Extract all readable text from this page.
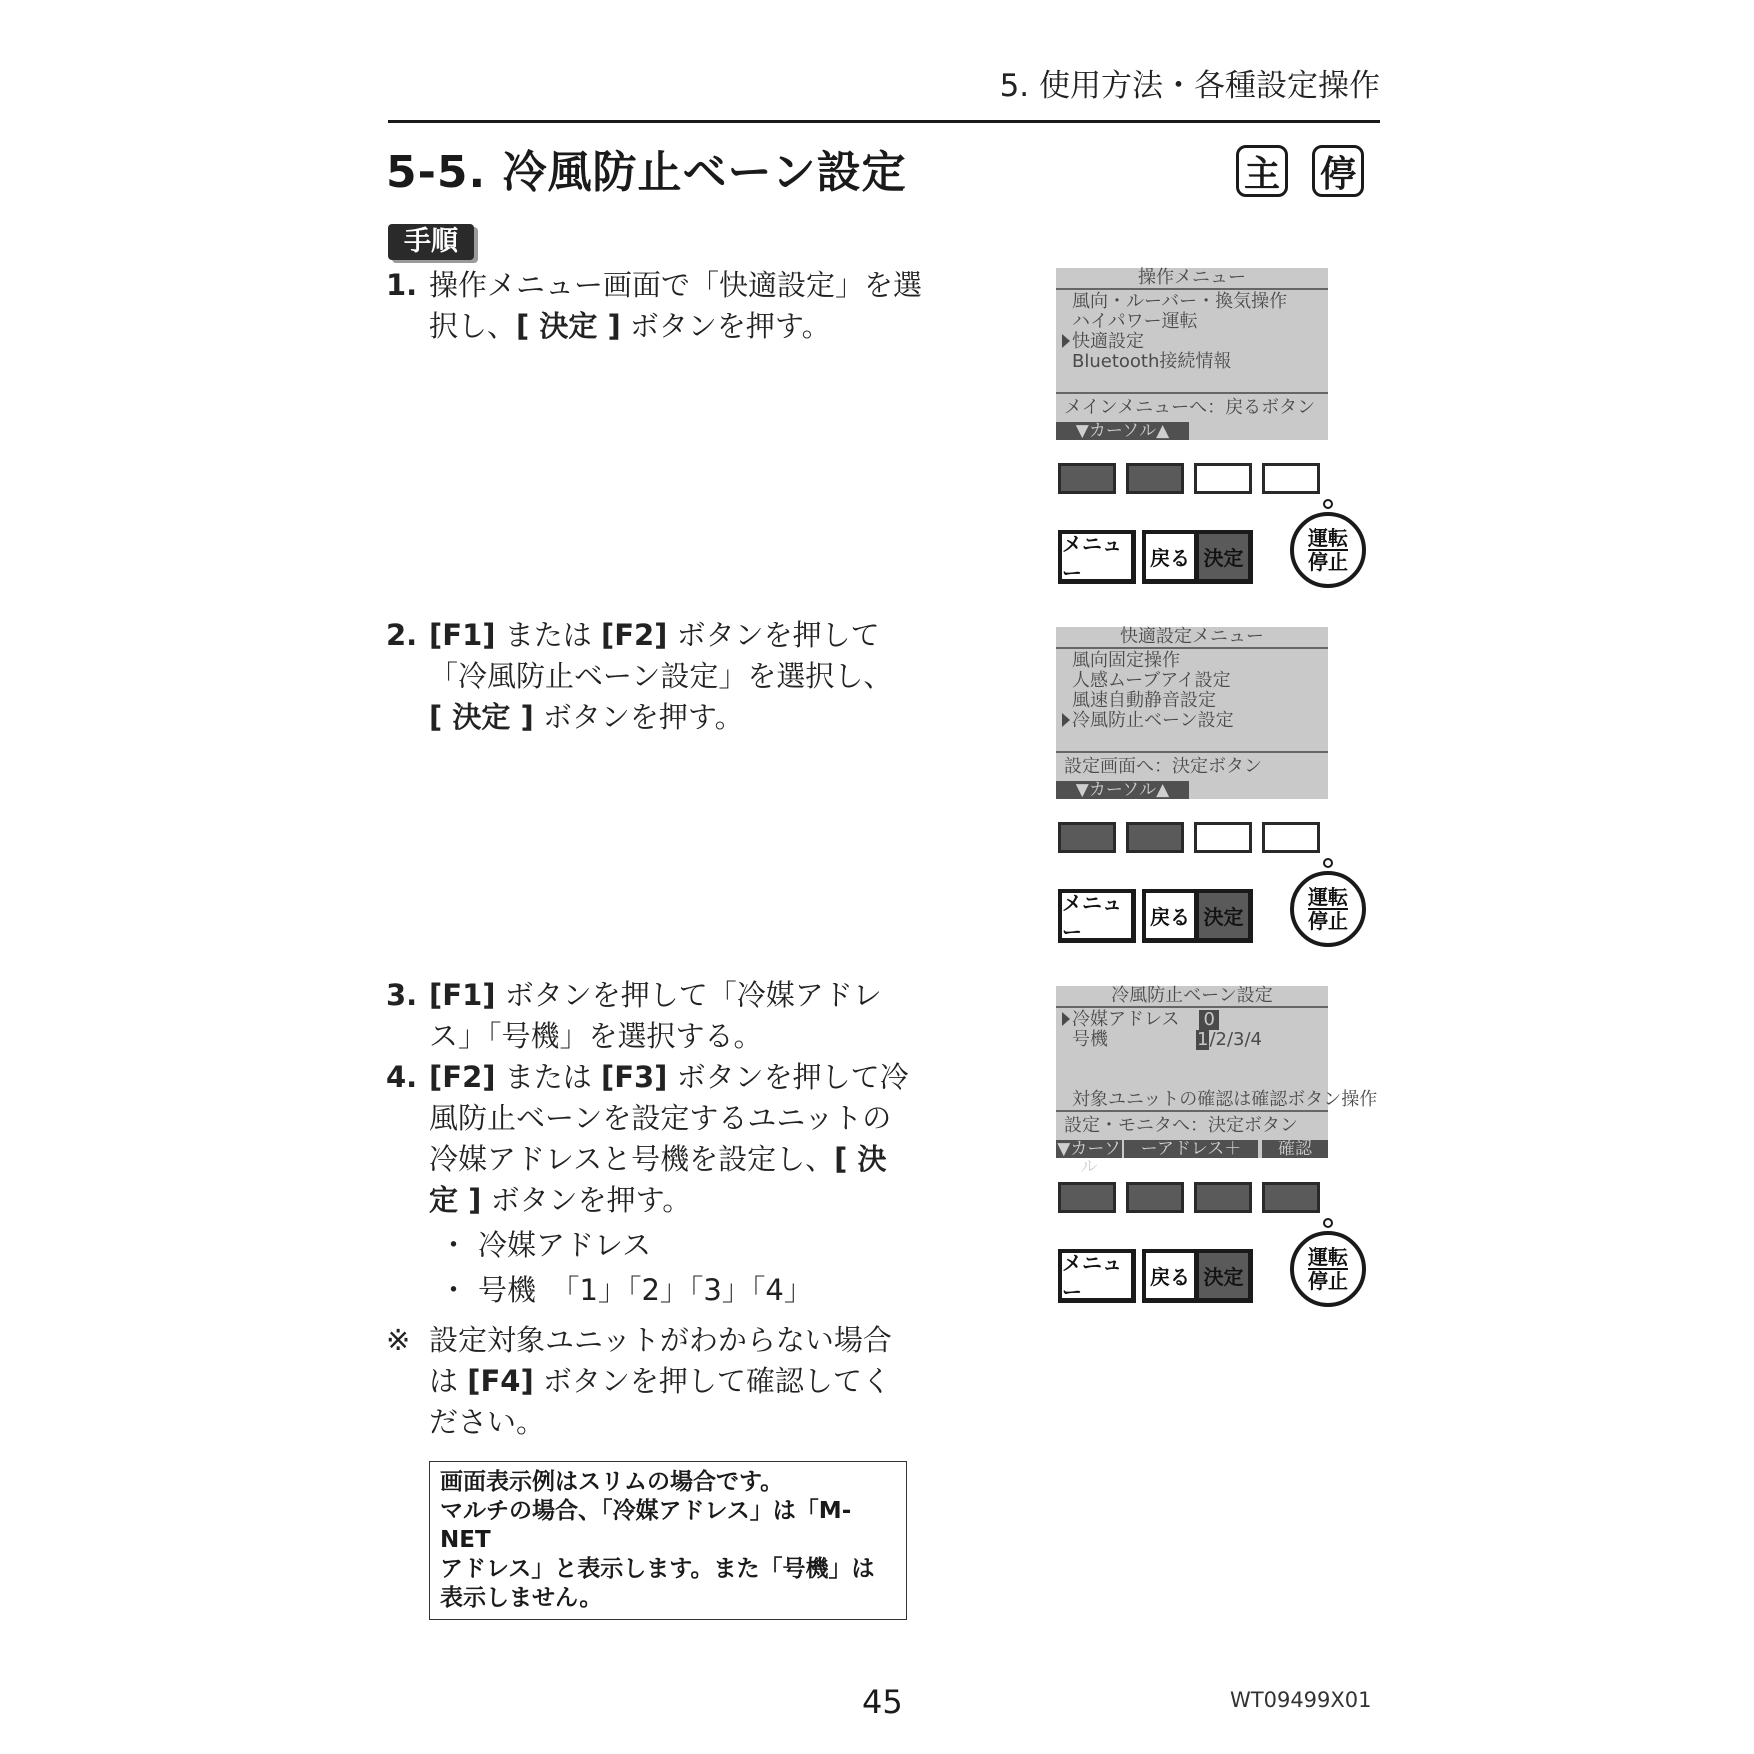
5. 使用方法・各種設定操作
5-5. 冷風防止ベーン設定	主 停
手順
1. 操作メニュー画面で「快適設定」を選
択し、[ 決定 ] ボタンを押す。
2. [F1] または [F2] ボタンを押して
「冷風防止ベーン設定」を選択し、
[ 決定 ] ボタンを押す。
3. [F1] ボタンを押して「冷媒アドレ
ス」「号機」を選択する。
4. [F2] または [F3] ボタンを押して冷
風防止ベーンを設定するユニットの
冷媒アドレスと号機を設定し、[ 決
定 ] ボタンを押す。
・ 冷媒アドレス
・ 号機　「1」「2」「3」「4」
※ 設定対象ユニットがわからない場合
は [F4] ボタンを押して確認してく
ださい。
画面表示例はスリムの場合です。
マルチの場合、「冷媒アドレス」は「M-NET
アドレス」と表示します。また「号機」は
表示しません。
操作メニュー
風向・ルーバー・換気操作
ハイパワー運転
快適設定
Bluetooth接続情報
メインメニューへ：戻るボタン
▼カーソル▲
メニュー
戻る 決定
運転
停止
快適設定メニュー
風向固定操作
人感ムーブアイ設定
風速自動静音設定
冷風防止ベーン設定
設定画面へ：決定ボタン
▼カーソル▲
メニュー
戻る 決定
運転
停止
冷風防止ベーン設定
冷媒アドレス 0
号機	1/2/3/4
対象ユニットの確認は確認ボタン操作
設定・モニタへ：決定ボタン
▼カーソル
ーアドレス＋	確認
メニュー
戻る 決定
運転
停止
45	WT09499X01
